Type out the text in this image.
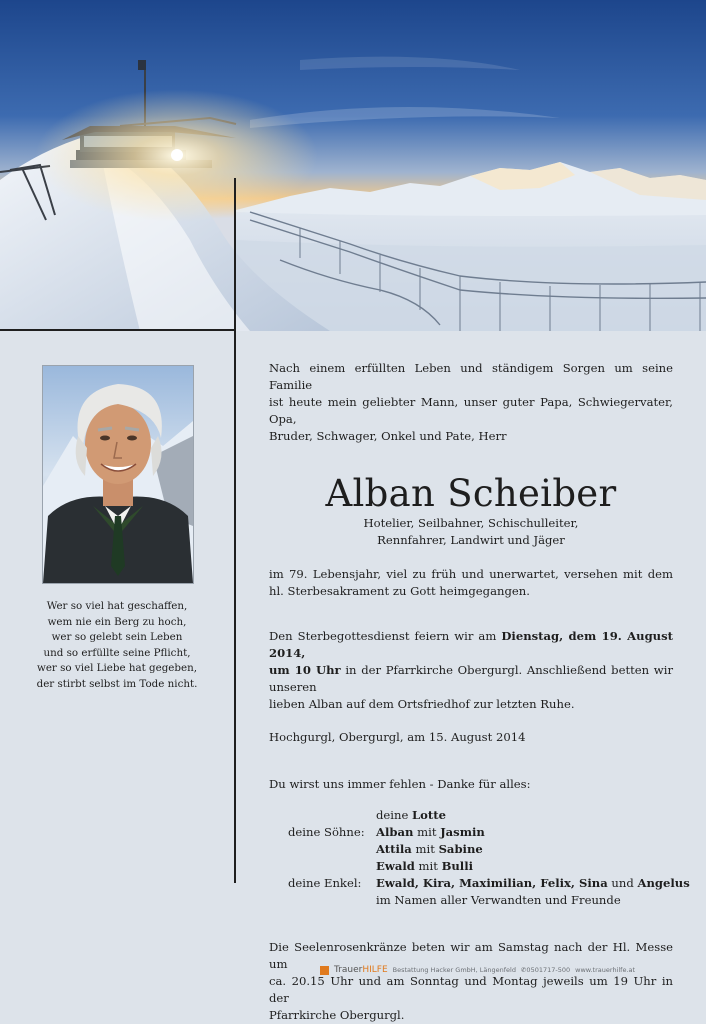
Wer so viel hat geschaffen,
wem nie ein Berg zu hoch,
wer so gelebt sein Leben
und so erfüllte seine Pflicht,
wer so viel Liebe hat gegeben,
der stirbt selbst im Tode nicht.
Nach einem erfüllten Leben und ständigem Sorgen um seine Familie
ist heute mein geliebter Mann, unser guter Papa, Schwiegervater, Opa,
Bruder, Schwager, Onkel und Pate, Herr
Alban Scheiber
Hotelier, Seilbahner, Schischulleiter,
Rennfahrer, Landwirt und Jäger
im 79. Lebensjahr, viel zu früh und unerwartet, versehen mit dem
hl. Sterbesakrament zu Gott heimgegangen.
Den Sterbegottesdienst feiern wir am Dienstag, dem 19. August 2014,
um 10 Uhr in der Pfarrkirche Obergurgl. Anschließend betten wir unseren
lieben Alban auf dem Ortsfriedhof zur letzten Ruhe.
Hochgurgl, Obergurgl, am 15. August 2014
Du wirst uns immer fehlen - Danke für alles:
deine Lotte
deine Söhne: Alban mit Jasmin
Attila mit Sabine
Ewald mit Bulli
deine Enkel: Ewald, Kira, Maximilian, Felix, Sina und Angelus
im Namen aller Verwandten und Freunde
Die Seelenrosenkränze beten wir am Samstag nach der Hl. Messe um
ca. 20.15 Uhr und am Sonntag und Montag jeweils um 19 Uhr in der
Pfarrkirche Obergurgl.
TrauerHILFE Bestattung Hacker GmbH, Längenfeld ✆0501717-500 www.trauerhilfe.at
